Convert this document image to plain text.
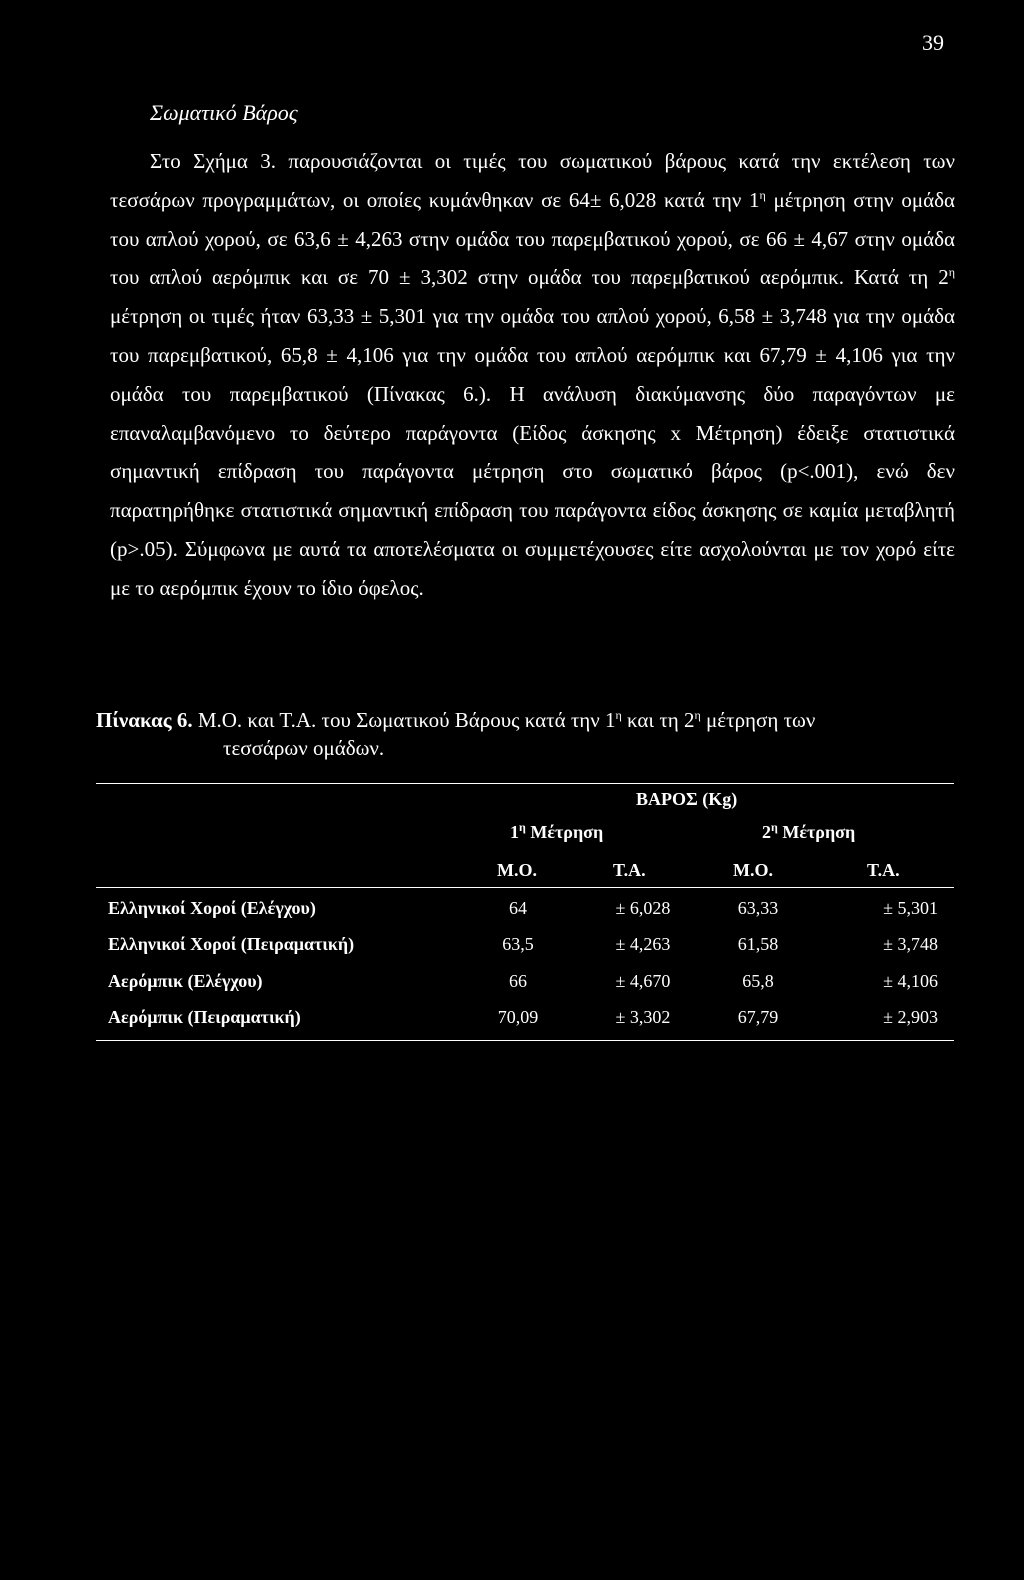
39
Σωματικό Βάρος

Στο Σχήμα 3. παρουσιάζονται οι τιμές του σωματικού βάρους κατά την εκτέλεση των τεσσάρων προγραμμάτων, οι οποίες κυμάνθηκαν σε 64± 6,028 κατά την $1^\eta$ μέτρηση στην ομάδα του απλού χορού, σε 63,6 ± 4,263 στην ομάδα του παρεμβατικού χορού, σε 66 ± 4,67 στην ομάδα του απλού αερόμπικ και σε 70 ± 3,302 στην ομάδα του παρεμβατικού αερόμπικ. Κατά τη $2^\eta$ μέτρηση οι τιμές ήταν 63,33 ± 5,301 για την ομάδα του απλού χορού, 6,58 ± 3,748 για την ομάδα του παρεμβατικού, 65,8 ± 4,106 για την ομάδα του απλού αερόμπικ και 67,79 ± 4,106 για την ομάδα του παρεμβατικού (Πίνακας 6.). Η ανάλυση διακύμανσης δύο παραγόντων με επαναλαμβανόμενο το δεύτερο παράγοντα (Είδος άσκησης x Μέτρηση) έδειξε στατιστικά σημαντική επίδραση του παράγοντα μέτρηση στο σωματικό βάρος (p<.001), ενώ δεν παρατηρήθηκε στατιστικά σημαντική επίδραση του παράγοντα είδος άσκησης σε καμία μεταβλητή (p>.05). Σύμφωνα με αυτά τα αποτελέσματα οι συμμετέχουσες είτε ασχολούνται με τον χορό είτε με το αερόμπικ έχουν το ίδιο όφελος.

Πίνακας 6. Μ.Ο. και Τ.Α. του Σωματικού Βάρους κατά την $1^\eta$ και τη $2^\eta$ μέτρηση των
τεσσάρων ομάδων.
ΒΑΡΟΣ (Kg)
$1^\eta$ Μέτρηση	$2^\eta$ Μέτρηση
Μ.Ο.	Τ.Α.	Μ.Ο.	Τ.Α.
Ελληνικοί Χοροί (Ελέγχου)	64	± 6,028	63,33	± 5,301
Ελληνικοί Χοροί (Πειραματική)	63,5	± 4,263	61,58	± 3,748
Αερόμπικ (Ελέγχου)	66	± 4,670	65,8	± 4,106
Αερόμπικ (Πειραματική)	70,09	± 3,302	67,79	± 2,903
